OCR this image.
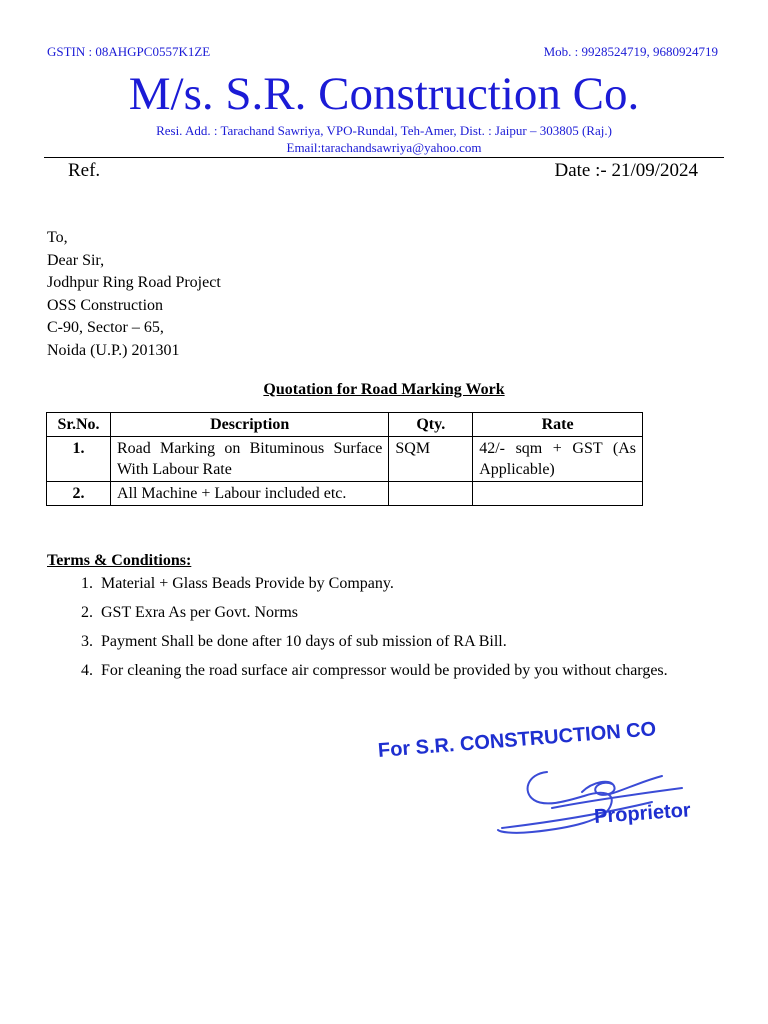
GSTIN : 08AHGPC0557K1ZE	Mob. : 9928524719, 9680924719
M/s. S.R. Construction Co.
Resi. Add. : Tarachand Sawriya, VPO-Rundal, Teh-Amer, Dist. : Jaipur – 303805 (Raj.)
Email:tarachandsawriya@yahoo.com
Ref.	Date :- 21/09/2024
To,
Dear Sir,
Jodhpur Ring Road Project
OSS Construction
C-90, Sector – 65,
Noida (U.P.) 201301
Quotation for Road Marking Work
Sr.No.	Description	Qty.	Rate
1.	Road Marking on Bituminous Surface With Labour Rate	SQM	42/- sqm + GST (As Applicable)
2.	All Machine + Labour included etc.		
Terms & Conditions:
1. Material + Glass Beads Provide by Company.
2. GST Exra As per Govt. Norms
3. Payment Shall be done after 10 days of sub mission of RA Bill.
4. For cleaning the road surface air compressor would be provided by you without charges.
For S.R. CONSTRUCTION CO
Proprietor
